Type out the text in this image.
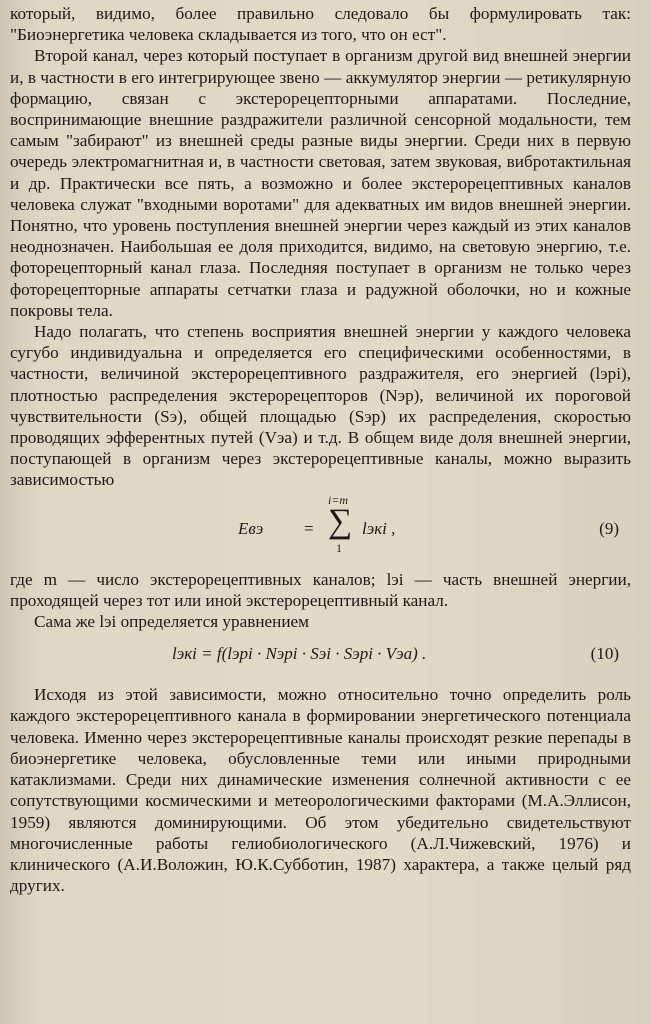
который, видимо, более правильно следовало бы формулировать так: "Биоэнергетика человека складывается из того, что он ест".

Второй канал, через который поступает в организм другой вид внешней энергии и, в частности в его интегрирующее звено — аккумулятор энергии — ретикулярную формацию, связан с экстерорецепторными аппаратами. Последние, воспринимающие внешние раздражители различной сенсорной модальности, тем самым "забирают" из внешней среды разные виды энергии. Среди них в первую очередь электромагнитная и, в частности световая, затем звуковая, вибротактильная и др. Практически все пять, а возможно и более экстерорецептивных каналов человека служат "входными воротами" для адекватных им видов внешней энергии. Понятно, что уровень поступления внешней энергии через каждый из этих каналов неоднозначен. Наибольшая ее доля приходится, видимо, на световую энергию, т.е. фоторецепторный канал глаза. Последняя поступает в организм не только через фоторецепторные аппараты сетчатки глаза и радужной оболочки, но и кожные покровы тела.

Надо полагать, что степень восприятия внешней энергии у каждого человека сугубо индивидуальна и определяется его специфическими особенностями, в частности, величиной экстерорецептивного раздражителя, его энергией (lэрi), плотностью распределения экстерорецепторов (Nэр), величиной их пороговой чувствительности (Sэ), общей площадью (Sэр) их распределения, скоростью проводящих эфферентных путей (Vэа) и т.д. В общем виде доля внешней энергии, поступающей в организм через экстерорецептивные каналы, можно выразить зависимостью

Eвэ =
i=m
∑
1
lэкi ,	(9)

где m — число экстерорецептивных каналов; lэi — часть внешней энергии, проходящей через тот или иной экстерорецептивный канал.

Сама же lэi определяется уравнением

lэкi = f(lэрi · Nэрi · Sэi · Sэрi · Vэа) .	(10)

Исходя из этой зависимости, можно относительно точно определить роль каждого экстерорецептивного канала в формировании энергетического потенциала человека. Именно через экстерорецептивные каналы происходят резкие перепады в биоэнергетике человека, обусловленные теми или иными природными катаклизмами. Среди них динамические изменения солнечной активности с ее сопутствующими космическими и метеорологическими факторами (М.А.Эллисон, 1959) являются доминирующими. Об этом убедительно свидетельствуют многочисленные работы гелиобиологического (А.Л.Чижевский, 1976) и клинического (А.И.Воложин, Ю.К.Субботин, 1987) характера, а также целый ряд других.
